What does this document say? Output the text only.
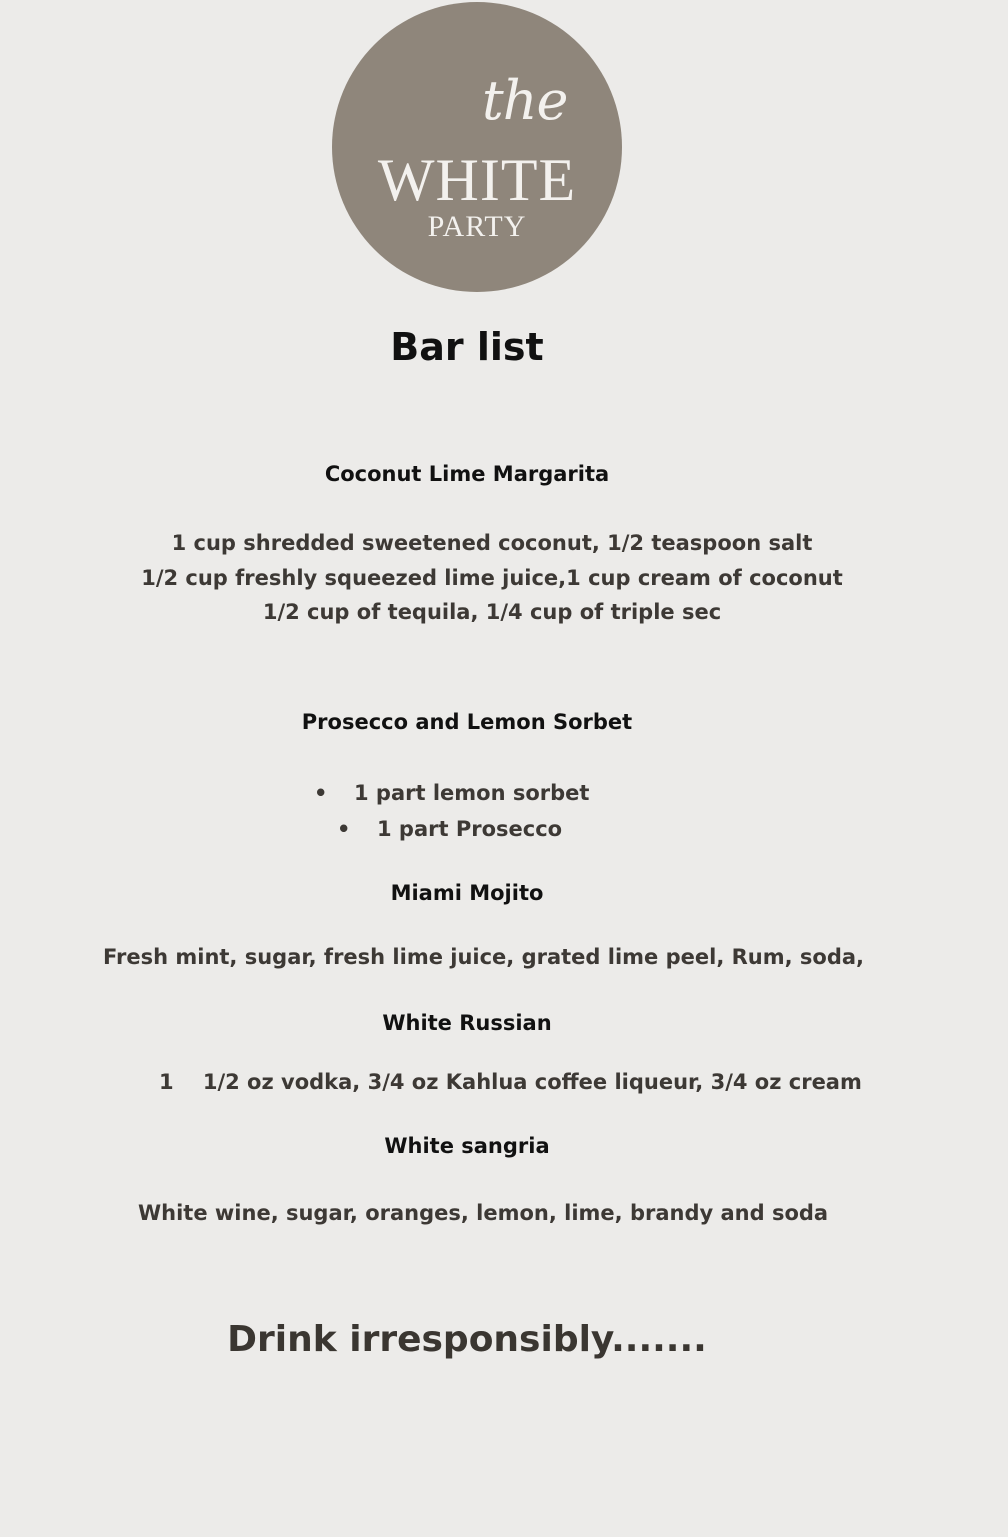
the
WHITE
PARTY
Bar list
Coconut Lime Margarita
1 cup shredded sweetened coconut, 1/2 teaspoon salt
1/2 cup freshly squeezed lime juice,1 cup cream of coconut
1/2 cup of tequila, 1/4 cup of triple sec
Prosecco and Lemon Sorbet
• 1 part lemon sorbet
• 1 part Prosecco
Miami Mojito
Fresh mint, sugar, fresh lime juice, grated lime peel, Rum, soda,
White Russian
1    1/2 oz vodka, 3/4 oz Kahlua coffee liqueur, 3/4 oz cream
White sangria
White wine, sugar, oranges, lemon, lime, brandy and soda
Drink irresponsibly.......
